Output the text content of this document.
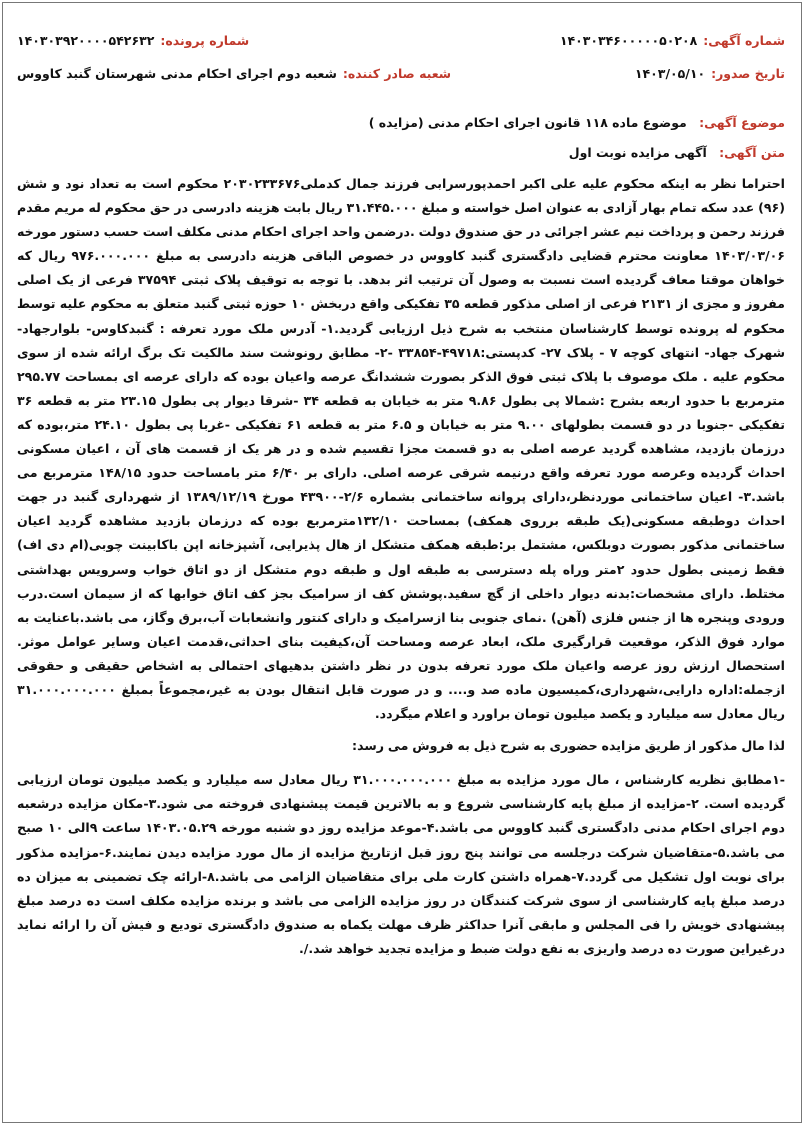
شماره آگهی:
۱۴۰۳۰۳۴۶۰۰۰۰۰۵۰۲۰۸
شماره پرونده:
۱۴۰۳۰۳۹۲۰۰۰۰۵۴۲۶۳۲
تاریخ صدور:
۱۴۰۳/۰۵/۱۰
شعبه صادر کننده:
شعبه دوم اجرای احکام مدنی شهرستان گنبد کاووس
موضوع آگهی: موضوع ماده ۱۱۸ قانون اجرای احکام مدنی (مزایده )
متن آگهی: آگهی مزایده نوبت اول

احتراما نظر به اینکه محکوم علیه علی اکبر احمدپورسرابی فرزند جمال کدملی۲۰۳۰۲۳۳۶۷۶ محکوم است به تعداد نود و شش (۹۶) عدد سکه تمام بهار آزادی به عنوان اصل خواسته و مبلغ ۳۱.۴۴۵.۰۰۰ ریال بابت هزینه دادرسی در حق محکوم له مریم مقدم فرزند رحمن و پرداخت نیم عشر اجرائی در حق صندوق دولت .درضمن واحد اجرای احکام مدنی مکلف است حسب دستور مورخه ۱۴۰۳/۰۳/۰۶ معاونت محترم قضایی دادگستری گنبد کاووس در خصوص الباقی هزینه دادرسی به مبلغ ۹۷۶.۰۰۰.۰۰۰ ریال که خواهان موقتا معاف گردیده است نسبت به وصول آن ترتیب اثر بدهد. با توجه به توقیف پلاک ثبتی ۳۷۵۹۴ فرعی از یک اصلی مفروز و مجزی از ۲۱۳۱ فرعی از اصلی مذکور قطعه ۳۵ تفکیکی واقع دربخش ۱۰ حوزه ثبتی گنبد متعلق به محکوم علیه توسط محکوم له پرونده توسط کارشناسان منتخب به شرح ذیل ارزیابی گردید.۱- آدرس ملک مورد تعرفه : گنبدکاوس- بلوارجهاد- شهرک جهاد- انتهای کوچه ۷ - پلاک ۲۷- کدپستی:۴۹۷۱۸-۳۳۸۵۴ -۲- مطابق رونوشت سند مالکیت تک برگ ارائه شده از سوی محکوم علیه . ملک موصوف با پلاک ثبتی فوق الذکر بصورت ششدانگ عرصه واعیان بوده که دارای عرصه ای بمساحت ۲۹۵.۷۷ مترمربع با حدود اربعه بشرح :شمالا پی بطول ۹.۸۶ متر به خیابان به قطعه ۳۴ -شرقا دیوار پی بطول ۲۳.۱۵ متر به قطعه ۳۶ تفکیکی -جنوبا در دو قسمت بطولهای ۹.۰۰ متر به خیابان و ۶.۵ متر به قطعه ۶۱ تفکیکی -غربا پی بطول ۲۴.۱۰ متر،بوده که درزمان بازدید، مشاهده گردید عرصه اصلی به دو قسمت مجزا تقسیم شده و در هر یک از قسمت های آن ، اعیان مسکونی احداث گردیده وعرصه مورد تعرفه واقع درنیمه شرقی عرصه اصلی. دارای بر ۶/۴۰ متر بامساحت حدود ۱۴۸/۱۵ مترمربع می باشد.۳- اعیان ساختمانی موردنظر،دارای پروانه ساختمانی بشماره ۲/۶-۴۳۹۰۰ مورخ ۱۳۸۹/۱۲/۱۹ از شهرداری گنبد در جهت احداث دوطبقه مسکونی(یک طبقه برروی همکف) بمساحت ۱۳۲/۱۰مترمربع بوده که درزمان بازدید مشاهده گردید اعیان ساختمانی مذکور بصورت دوبلکس، مشتمل بر:طبقه همکف متشکل از هال پذیرایی، آشپزخانه اپن باکابینت چوبی(ام دی اف) فقط زمینی بطول حدود ۲متر وراه پله دسترسی به طبقه اول و طبقه دوم متشکل از دو اتاق خواب وسرویس بهداشتی مختلط. دارای مشخصات:بدنه دیوار داخلی از گچ سفید.پوشش کف از سرامیک بجز کف اتاق خوابها که از سیمان است.درب ورودی وپنجره ها از جنس فلزی (آهن) .نمای جنوبی بنا ازسرامیک و دارای کنتور وانشعابات آب،برق وگاز، می باشد.باعنایت به موارد فوق الذکر، موقعیت قرارگیری ملک، ابعاد عرصه ومساحت آن،کیفیت بنای احداثی،قدمت اعیان وسایر عوامل موثر. استحصال ارزش روز عرصه واعیان ملک مورد تعرفه بدون در نظر داشتن بدهیهای احتمالی به اشخاص حقیقی و حقوقی ازجمله:اداره دارایی،شهرداری،کمیسیون ماده صد و.... و در صورت قابل انتقال بودن به غیر،مجموعاً بمبلغ ۳۱.۰۰۰.۰۰۰.۰۰۰ ریال معادل سه میلیارد و یکصد میلیون تومان براورد و اعلام میگردد.

لذا مال مذکور از طریق مزایده حضوری به شرح ذیل به فروش می رسد:

-۱مطابق نظریه کارشناس ، مال مورد مزایده به مبلغ ۳۱.۰۰۰.۰۰۰.۰۰۰ ریال معادل سه میلیارد و یکصد میلیون تومان ارزیابی گردیده است. ۲-مزایده از مبلغ پایه کارشناسی شروع و به بالاترین قیمت پیشنهادی فروخته می شود.۳-مکان مزایده درشعبه دوم اجرای احکام مدنی دادگستری گنبد کاووس می باشد.۴-موعد مزایده روز دو شنبه مورخه ۱۴۰۳.۰۵.۲۹ ساعت ۹الی ۱۰ صبح می باشد.۵-متقاضیان شرکت درجلسه می توانند پنج روز قبل ازتاریخ مزایده از مال مورد مزایده دیدن نمایند.۶-مزایده مذکور برای نوبت اول تشکیل می گردد.۷-همراه داشتن کارت ملی برای متقاضیان الزامی می باشد.۸-ارائه چک تضمینی به میزان ده درصد مبلغ پایه کارشناسی از سوی شرکت کنندگان در روز مزایده الزامی می باشد و برنده مزایده مکلف است ده درصد مبلغ پیشنهادی خویش را فی المجلس و مابقی آنرا حداکثر ظرف مهلت یکماه به صندوق دادگستری تودیع و فیش آن را ارائه نماید درغیراین صورت ده درصد واریزی به نفع دولت ضبط و مزایده تجدید خواهد شد./.
